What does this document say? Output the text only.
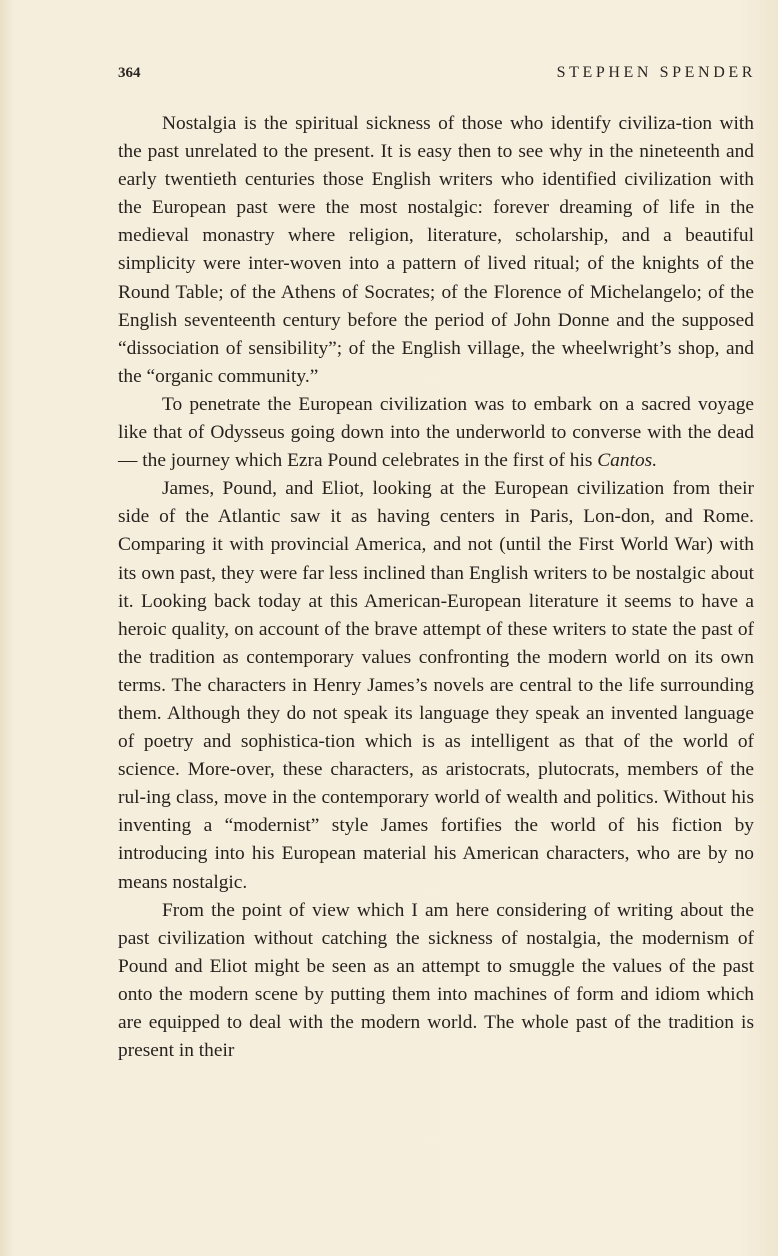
364	STEPHEN SPENDER

Nostalgia is the spiritual sickness of those who identify civiliza-tion with the past unrelated to the present. It is easy then to see why in the nineteenth and early twentieth centuries those English writers who identified civilization with the European past were the most nostalgic: forever dreaming of life in the medieval monastry where religion, literature, scholarship, and a beautiful simplicity were inter-woven into a pattern of lived ritual; of the knights of the Round Table; of the Athens of Socrates; of the Florence of Michelangelo; of the English seventeenth century before the period of John Donne and the supposed “dissociation of sensibility”; of the English village, the wheelwright’s shop, and the “organic community.”

To penetrate the European civilization was to embark on a sacred voyage like that of Odysseus going down into the underworld to converse with the dead — the journey which Ezra Pound celebrates in the first of his Cantos.

James, Pound, and Eliot, looking at the European civilization from their side of the Atlantic saw it as having centers in Paris, Lon-don, and Rome. Comparing it with provincial America, and not (until the First World War) with its own past, they were far less inclined than English writers to be nostalgic about it. Looking back today at this American-European literature it seems to have a heroic quality, on account of the brave attempt of these writers to state the past of the tradition as contemporary values confronting the modern world on its own terms. The characters in Henry James’s novels are central to the life surrounding them. Although they do not speak its language they speak an invented language of poetry and sophistica-tion which is as intelligent as that of the world of science. More-over, these characters, as aristocrats, plutocrats, members of the rul-ing class, move in the contemporary world of wealth and politics. Without his inventing a “modernist” style James fortifies the world of his fiction by introducing into his European material his American characters, who are by no means nostalgic.

From the point of view which I am here considering of writing about the past civilization without catching the sickness of nostalgia, the modernism of Pound and Eliot might be seen as an attempt to smuggle the values of the past onto the modern scene by putting them into machines of form and idiom which are equipped to deal with the modern world. The whole past of the tradition is present in their
